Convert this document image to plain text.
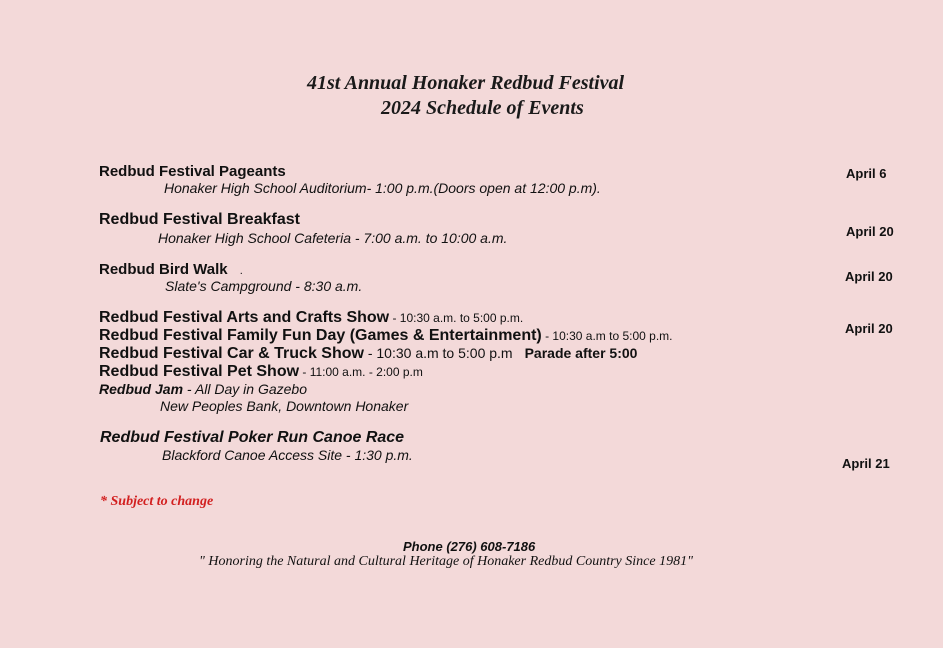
41st Annual Honaker Redbud Festival
2024 Schedule of Events
Redbud Festival Pageants
Honaker High School Auditorium- 1:00 p.m.(Doors open at 12:00 p.m).
April 6
Redbud Festival Breakfast
Honaker High School Cafeteria - 7:00 a.m. to 10:00 a.m.	April 20
Redbud Bird Walk .
Slate's Campground - 8:30 a.m.
April 20
April 20
Redbud Festival Arts and Crafts Show - 10:30 a.m. to 5:00 p.m.
Redbud Festival Family Fun Day (Games & Entertainment) - 10:30 a.m to 5:00 p.m.
Redbud Festival Car & Truck Show - 10:30 a.m to 5:00 p.m Parade after 5:00
Redbud Festival Pet Show - 11:00 a.m. - 2:00 p.m
Redbud Jam - All Day in Gazebo
New Peoples Bank, Downtown Honaker
Redbud Festival Poker Run Canoe Race
Blackford Canoe Access Site - 1:30 p.m.
April 21
* Subject to change
Phone (276) 608-7186
" Honoring the Natural and Cultural Heritage of Honaker Redbud Country Since 1981"
